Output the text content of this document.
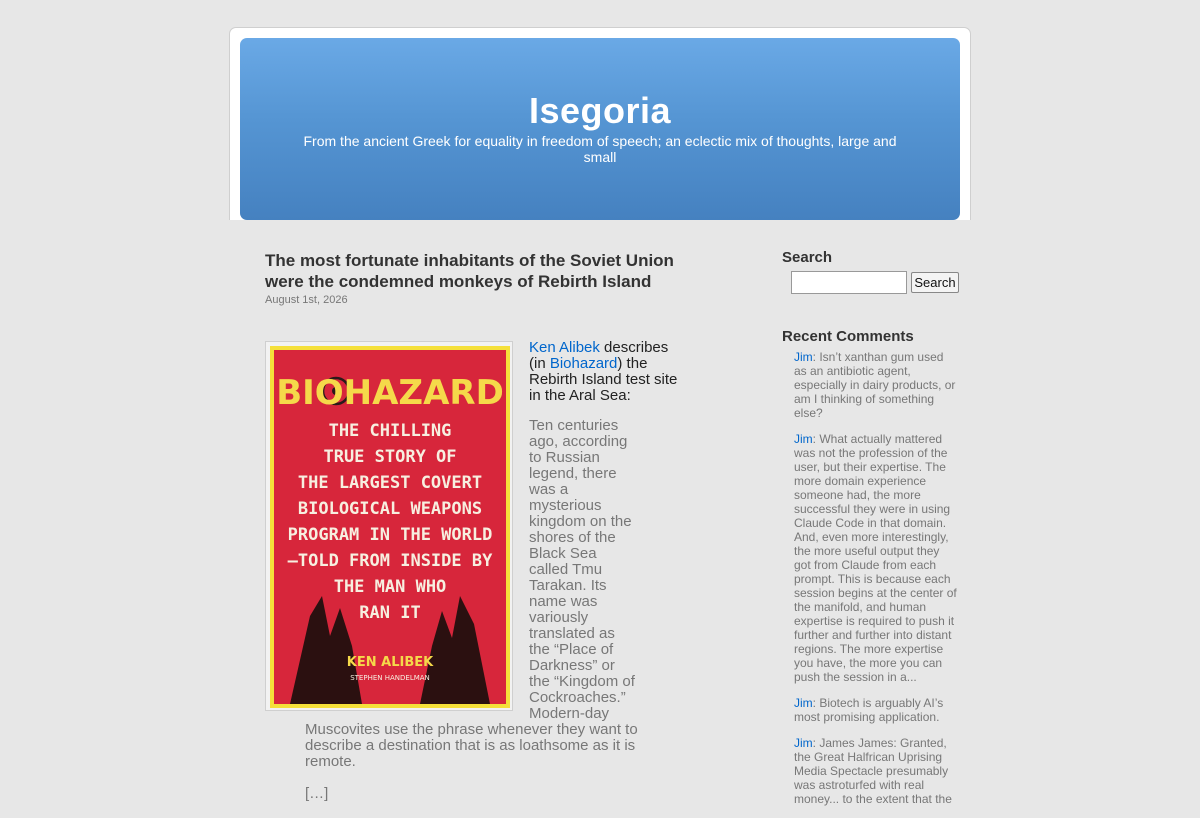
Isegoria
From the ancient Greek for equality in freedom of speech; an eclectic mix of thoughts, large and small
The most fortunate inhabitants of the Soviet Union were the condemned monkeys of Rebirth Island
August 1st, 2026
BIOHAZARD
THE CHILLING
TRUE STORY OF
THE LARGEST COVERT
BIOLOGICAL WEAPONS
PROGRAM IN THE WORLD
—TOLD FROM INSIDE BY
THE MAN WHO
RAN IT
KEN ALIBEK
STEPHEN HANDELMAN
Ken Alibek describes (in Biohazard) the Rebirth Island test site in the Aral Sea:
Ten centuries ago, according to Russian legend, there was a mysterious kingdom on the shores of the Black Sea called Tmu Tarakan. Its name was variously translated as the “Place of Darkness” or the “Kingdom of Cockroaches.” Modern-day
Muscovites use the phrase whenever they want to describe a destination that is as loathsome as it is remote.
[…]
Search
Search
Recent Comments
Jim: Isn’t xanthan gum used as an antibiotic agent, especially in dairy products, or am I thinking of something else?
Jim: What actually mattered was not the profession of the user, but their expertise. The more domain experience someone had, the more successful they were in using Claude Code in that domain. And, even more interestingly, the more useful output they got from Claude from each prompt. This is because each session begins at the center of the manifold, and human expertise is required to push it further and further into distant regions. The more expertise you have, the more you can push the session in a...
Jim: Biotech is arguably AI’s most promising application.
Jim: James James: Granted, the Great Halfrican Uprising Media Spectacle presumably was astroturfed with real money... to the extent that the
